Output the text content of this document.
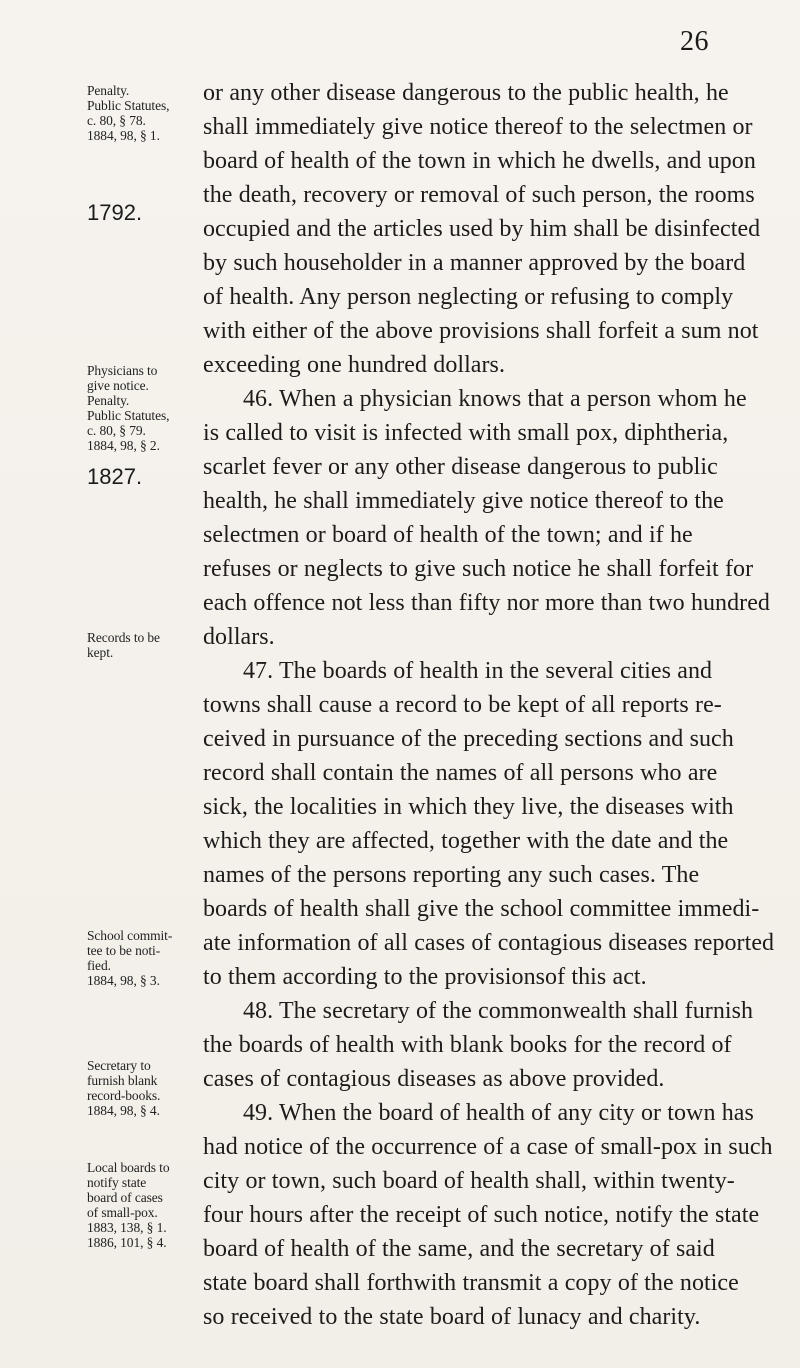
26
Penalty.
Public Statutes,
c. 80, § 78.
1884, 98, § 1.
1792.
Physicians to
give notice.
Penalty.
Public Statutes,
c. 80, § 79.
1884, 98, § 2.
1827.
Records to be
kept.
School commit-
tee to be noti-
fied.
1884, 98, § 3.
Secretary to
furnish blank
record-books.
1884, 98, § 4.
Local boards to
notify state
board of cases
of small-pox.
1883, 138, § 1.
1886, 101, § 4.
or any other disease dangerous to the public health, he
shall immediately give notice thereof to the selectmen or
board of health of the town in which he dwells, and upon
the death, recovery or removal of such person, the rooms
occupied and the articles used by him shall be disinfected
by such householder in a manner approved by the board
of health. Any person neglecting or refusing to comply
with either of the above provisions shall forfeit a sum not
exceeding one hundred dollars.
46. When a physician knows that a person whom he
is called to visit is infected with small pox, diphtheria,
scarlet fever or any other disease dangerous to public
health, he shall immediately give notice thereof to the
selectmen or board of health of the town; and if he
refuses or neglects to give such notice he shall forfeit for
each offence not less than fifty nor more than two hundred
dollars.
47. The boards of health in the several cities and
towns shall cause a record to be kept of all reports re-
ceived in pursuance of the preceding sections and such
record shall contain the names of all persons who are
sick, the localities in which they live, the diseases with
which they are affected, together with the date and the
names of the persons reporting any such cases. The
boards of health shall give the school committee immedi-
ate information of all cases of contagious diseases reported
to them according to the provisionsof this act.
48. The secretary of the commonwealth shall furnish
the boards of health with blank books for the record of
cases of contagious diseases as above provided.
49. When the board of health of any city or town has
had notice of the occurrence of a case of small-pox in such
city or town, such board of health shall, within twenty-
four hours after the receipt of such notice, notify the state
board of health of the same, and the secretary of said
state board shall forthwith transmit a copy of the notice
so received to the state board of lunacy and charity.
